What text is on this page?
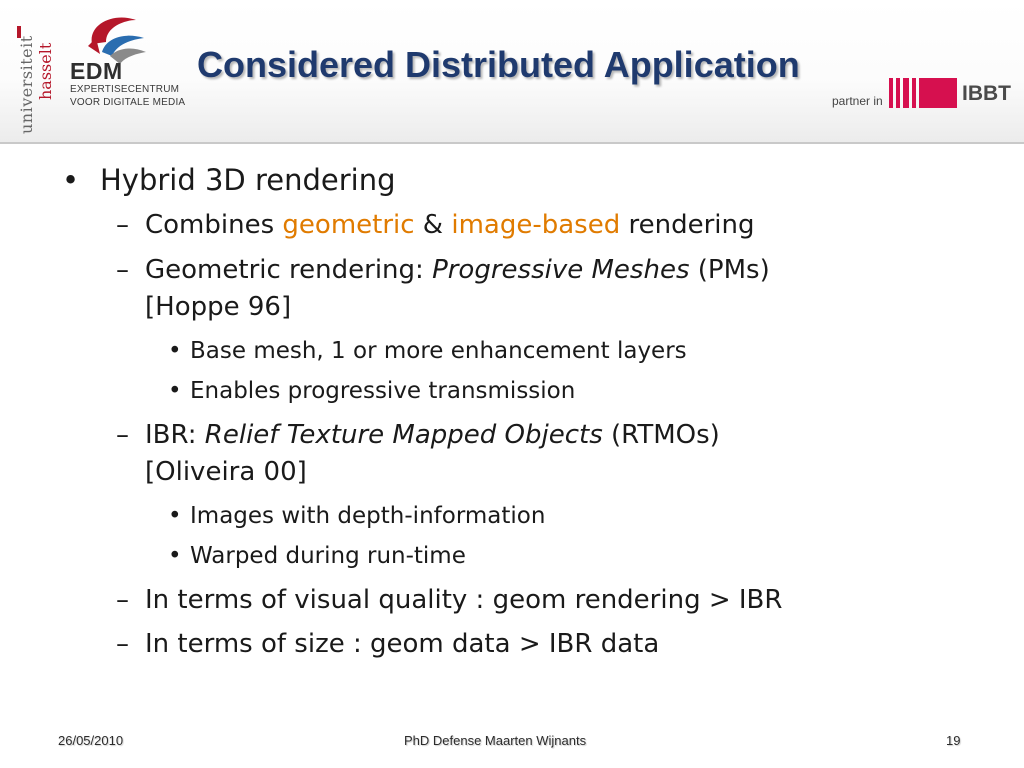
universiteit hasselt EDM
EXPERTISECENTRUM
VOOR DIGITALE MEDIA
Considered Distributed Application
partner in	IBBT
• Hybrid 3D rendering
– Combines geometric & image-based rendering
– Geometric rendering: Progressive Meshes (PMs)
[Hoppe 96]
• Base mesh, 1 or more enhancement layers
• Enables progressive transmission
– IBR: Relief Texture Mapped Objects (RTMOs)
[Oliveira 00]
• Images with depth-information
• Warped during run-time
– In terms of visual quality : geom rendering > IBR
– In terms of size : geom data > IBR data
26/05/2010	PhD Defense Maarten Wijnants	19
